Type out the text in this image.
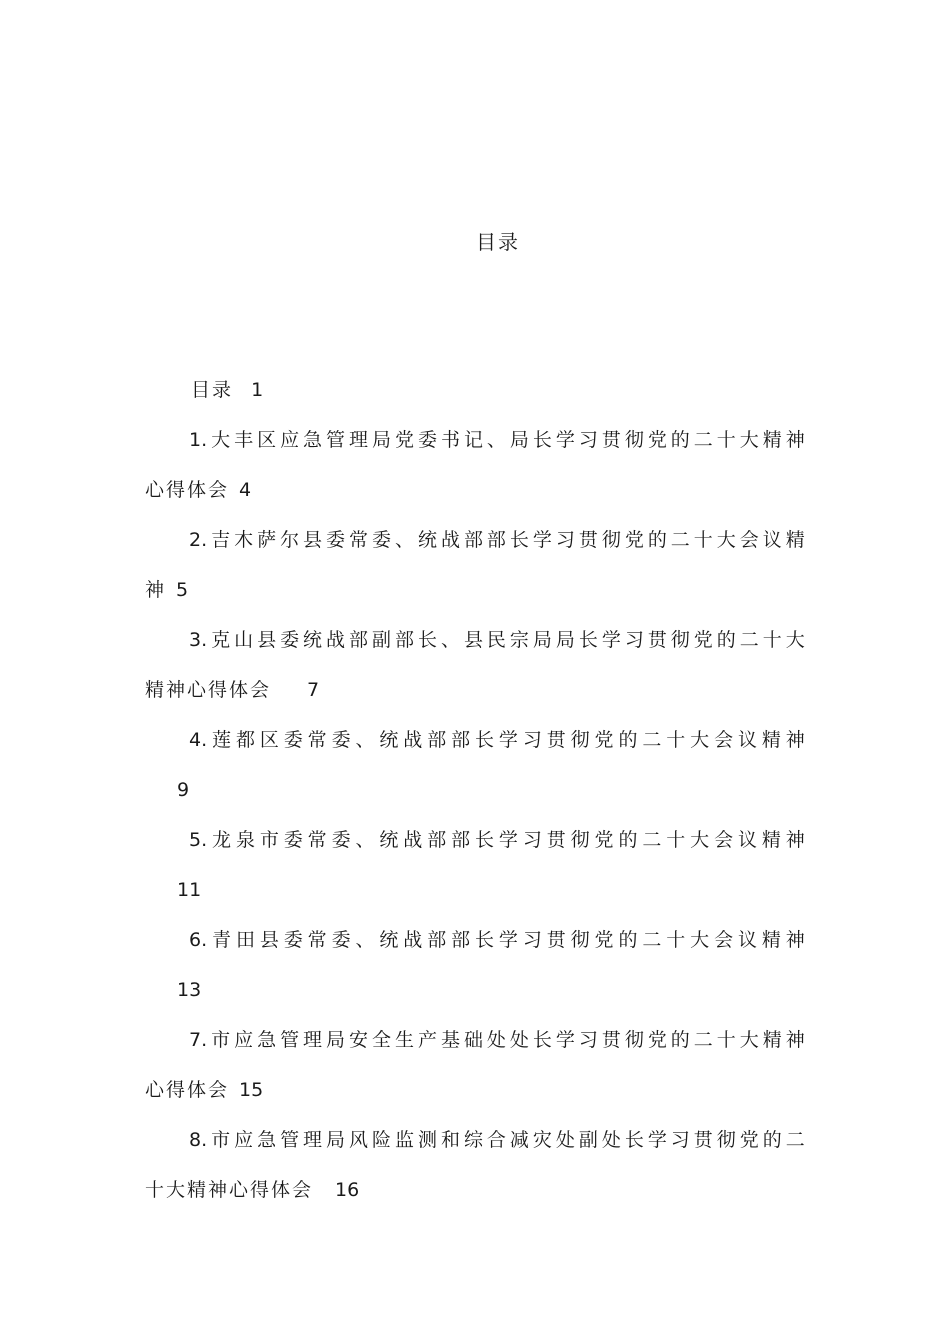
目录
目录 1
1. 大 丰 区 应 急 管 理 局 党 委 书 记 、 局 长 学 习 贯 彻 党 的 二 十 大 精 神
心得体会 4
2. 吉 木 萨 尔 县 委 常 委 、 统 战 部 部 长 学 习 贯 彻 党 的 二 十 大 会 议 精
神 5
3. 克 山 县 委 统 战 部 副 部 长 、 县 民 宗 局 局 长 学 习 贯 彻 党 的 二 十 大
精神心得体会 7
4. 莲 都 区 委 常 委 、 统 战 部 部 长 学 习 贯 彻 党 的 二 十 大 会 议 精 神
9
5. 龙 泉 市 委 常 委 、 统 战 部 部 长 学 习 贯 彻 党 的 二 十 大 会 议 精 神
11
6. 青 田 县 委 常 委 、 统 战 部 部 长 学 习 贯 彻 党 的 二 十 大 会 议 精 神
13
7. 市 应 急 管 理 局 安 全 生 产 基 础 处 处 长 学 习 贯 彻 党 的 二 十 大 精 神
心得体会 15
8. 市 应 急 管 理 局 风 险 监 测 和 综 合 减 灾 处 副 处 长 学 习 贯 彻 党 的 二
十大精神心得体会 16
